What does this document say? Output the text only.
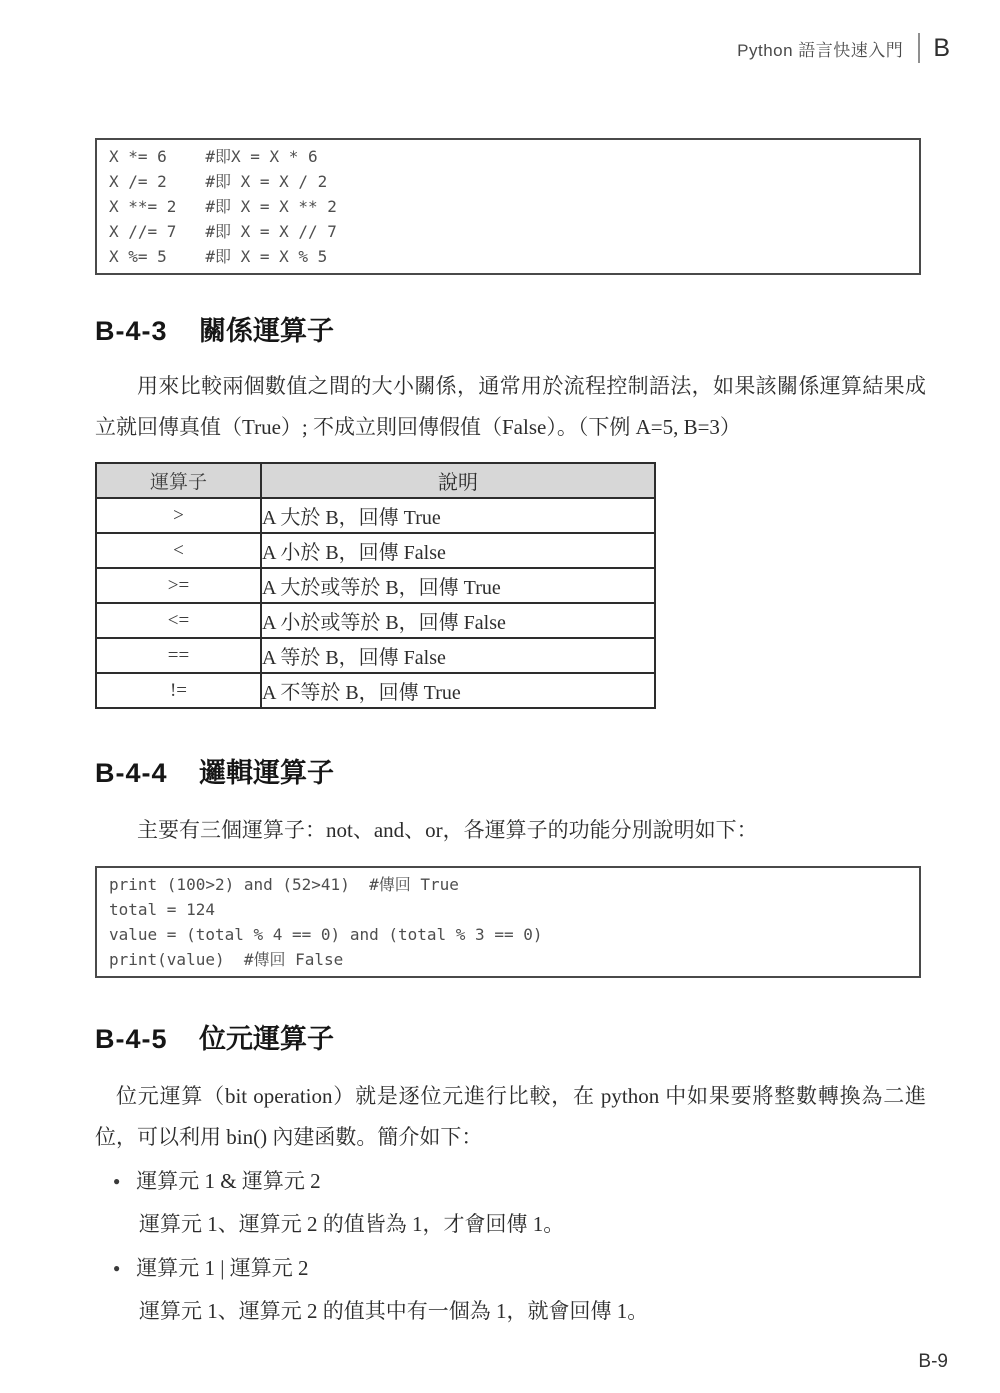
Python 語言快速入門 B
X *= 6    #即X = X * 6
X /= 2    #即 X = X / 2
X **= 2   #即 X = X ** 2
X //= 7   #即 X = X // 7
X %= 5    #即 X = X % 5
B-4-3 關係運算子

用來比較兩個數值之間的大小關係，通常用於流程控制語法，如果該關係運算結果成立就回傳真值（True）; 不成立則回傳假值（False）。（下例 A=5, B=3）

運算子	說明
>	A 大於 B，回傳 True
<	A 小於 B，回傳 False
>=	A 大於或等於 B，回傳 True
<=	A 小於或等於 B，回傳 False
==	A 等於 B，回傳 False
!=	A 不等於 B，回傳 True
B-4-4 邏輯運算子

主要有三個運算子：not、and、or，各運算子的功能分別說明如下：

print (100>2) and (52>41)  #傳回 True
total = 124
value = (total % 4 == 0) and (total % 3 == 0)
print(value)  #傳回 False
B-4-5 位元運算子

位元運算（bit operation）就是逐位元進行比較，在 python 中如果要將整數轉換為二進位，可以利用 bin() 內建函數。簡介如下：

● 運算元 1 & 運算元 2
運算元 1、運算元 2 的值皆為 1，才會回傳 1。
● 運算元 1 | 運算元 2
運算元 1、運算元 2 的值其中有一個為 1，就會回傳 1。
B-9
